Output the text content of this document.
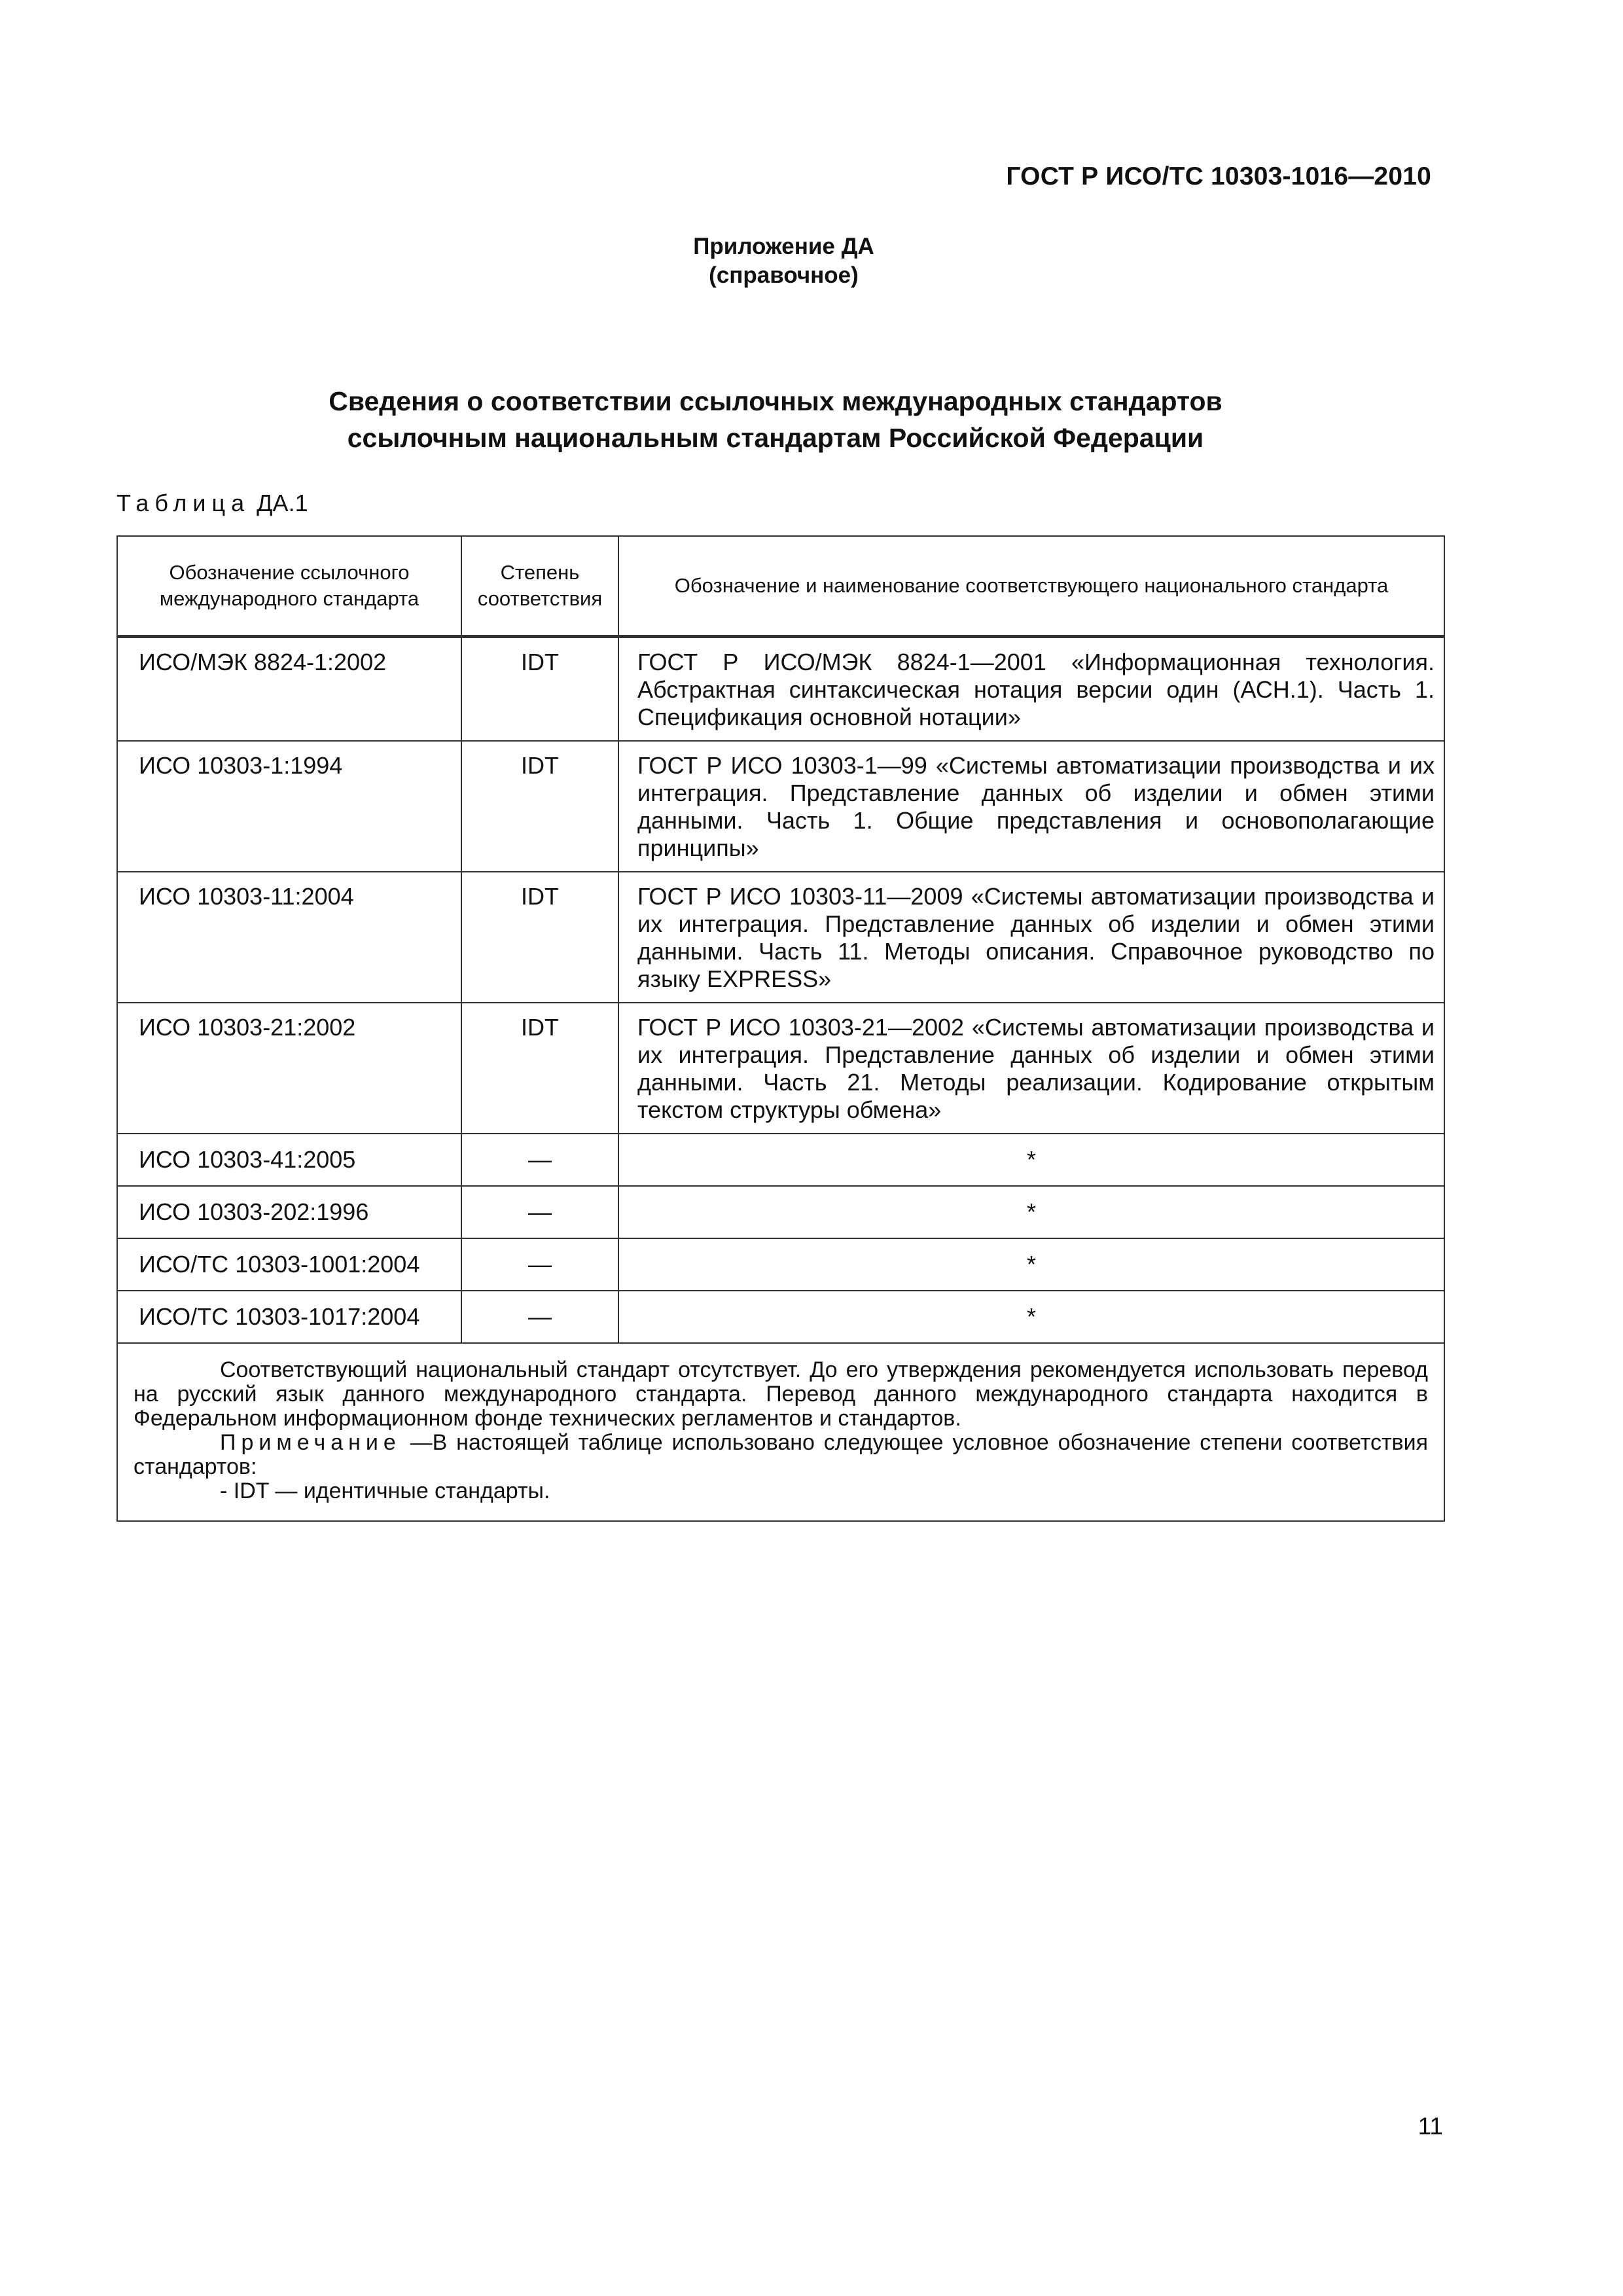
ГОСТ Р ИСО/ТС 10303-1016—2010
Приложение ДА
(справочное)
Сведения о соответствии ссылочных международных стандартов
ссылочным национальным стандартам Российской Федерации
Таблица ДА.1
Обозначение ссылочного международного стандарта	Степень соответствия	Обозначение и наименование соответствующего национального стандарта
ИСО/МЭК 8824-1:2002	IDT	ГОСТ Р ИСО/МЭК 8824-1—2001 «Информационная технология. Абстрактная синтаксическая нотация версии один (АСН.1). Часть 1. Спецификация основной нотации»
ИСО 10303-1:1994	IDT	ГОСТ Р ИСО 10303-1—99 «Системы автоматизации производства и их интеграция. Представление данных об изделии и обмен этими данными. Часть 1. Общие представления и основополагающие принципы»
ИСО 10303-11:2004	IDT	ГОСТ Р ИСО 10303-11—2009 «Системы автоматизации производства и их интеграция. Представление данных об изделии и обмен этими данными. Часть 11. Методы описания. Справочное руководство по языку EXPRESS»
ИСО 10303-21:2002	IDT	ГОСТ Р ИСО 10303-21—2002 «Системы автоматизации производства и их интеграция. Представление данных об изделии и обмен этими данными. Часть 21. Методы реализации. Кодирование открытым текстом структуры обмена»
ИСО 10303-41:2005	—	*
ИСО 10303-202:1996	—	*
ИСО/ТС 10303-1001:2004	—	*
ИСО/ТС 10303-1017:2004	—	*

Соответствующий национальный стандарт отсутствует. До его утверждения рекомендуется использовать перевод на русский язык данного международного стандарта. Перевод данного международного стандарта находится в Федеральном информационном фонде технических регламентов и стандартов.

Примечание —В настоящей таблице использовано следующее условное обозначение степени соответствия стандартов:

- IDT — идентичные стандарты.		

11
